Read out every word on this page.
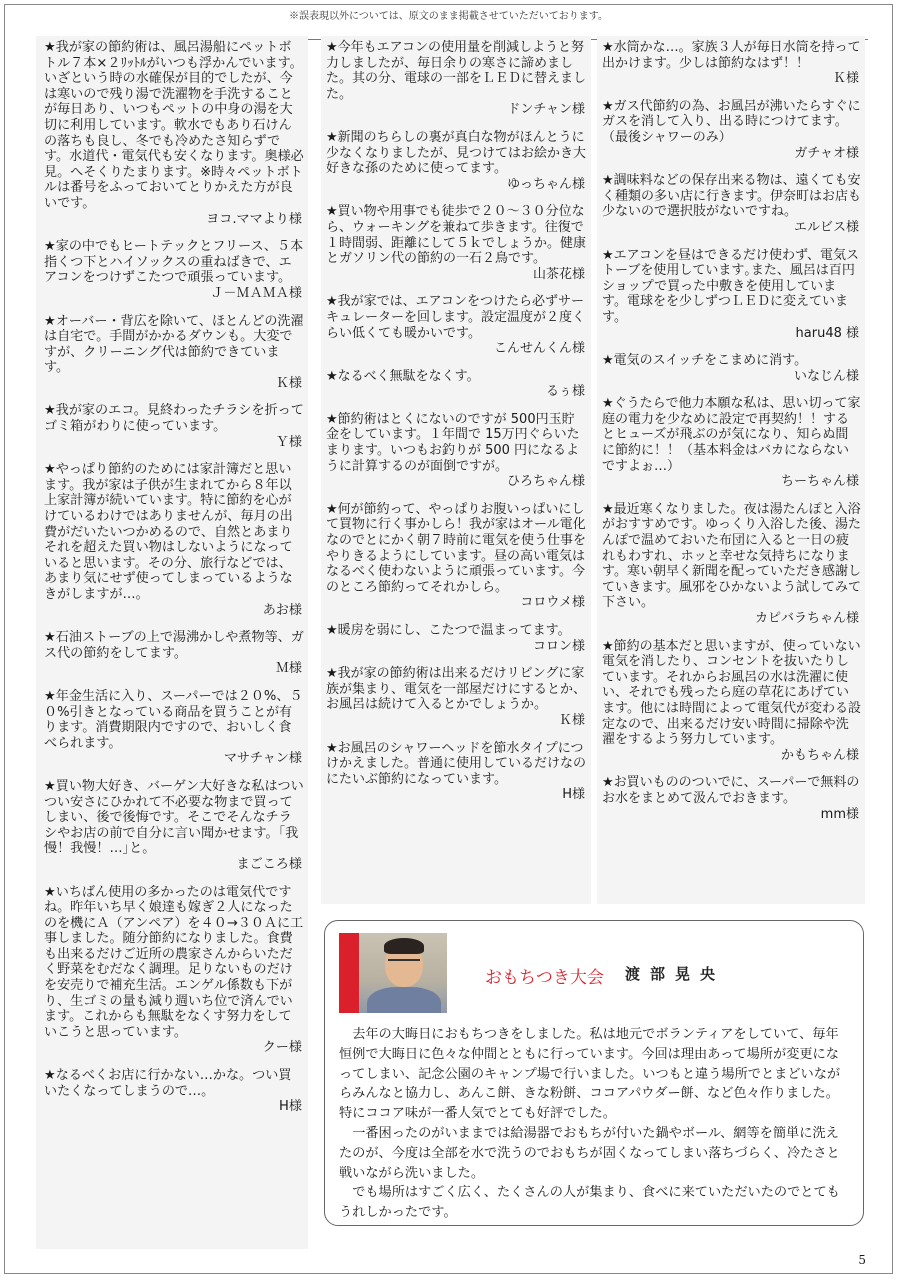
※誤表現以外については、原文のまま掲載させていただいております。
5

★我が家の節約術は、風呂湯船にペットボトル７本×２ﾘｯﾄﾙがいつも浮かんでいます。いざという時の水確保が目的でしたが、今は寒いので残り湯で洗濯物を手洗することが毎日あり、いつもペットの中身の湯を大切に利用しています。軟水でもあり石けんの落ちも良し、冬でも冷めたさ知らずです。水道代・電気代も安くなります。奥様必見。へそくりたまります。※時々ペットボトルは番号をふっておいてとりかえた方が良いです。

ヨコ.ママより様

★家の中でもヒートテックとフリース、５本指くつ下とハイソックスの重ねばきで、エアコンをつけずこたつで頑張っています。

Ｊ－ＭＡＭＡ様

★オーバー・背広を除いて、ほとんどの洗濯は自宅で。手間がかかるダウンも。大変ですが、クリーニング代は節約できています。

Ｋ様

★我が家のエコ。見終わったチラシを折ってゴミ箱がわりに使っています。

Ｙ様

★やっぱり節約のためには家計簿だと思います。我が家は子供が生まれてから８年以上家計簿が続いています。特に節約を心がけているわけではありませんが、毎月の出費がだいたいつかめるので、自然とあまりそれを超えた買い物はしないようになっていると思います。その分、旅行などでは、あまり気にせず使ってしまっているようなきがしますが…。

あお様

★石油ストーブの上で湯沸かしや煮物等、ガス代の節約をしてます。

Ｍ様

★年金生活に入り、スーパーでは２０%、５０%引きとなっている商品を買うことが有ります。消費期限内ですので、おいしく食べられます。

マサチャン様

★買い物大好き、バーゲン大好きな私はついつい安さにひかれて不必要な物まで買ってしまい、後で後悔です。そこでそんなチラシやお店の前で自分に言い聞かせます。｢我慢！我慢！…｣と。

まごころ様

★いちばん使用の多かったのは電気代ですね。昨年いち早く娘達も嫁ぎ２人になったのを機にＡ（アンペア）を４０→３０Ａに工事しました。随分節約になりました。食費も出来るだけご近所の農家さんからいただく野菜をむだなく調理。足りないものだけを安売りで補充生活。エンゲル係数も下がり、生ゴミの量も減り週いち位で済んでいます。これからも無駄をなくす努力をしていこうと思っています。

クー様

★なるべくお店に行かない…かな。つい買いたくなってしまうので…。

H様

★今年もエアコンの使用量を削減しようと努力しましたが、毎日余りの寒さに諦めました。其の分、電球の一部をＬＥＤに替えました。

ドンチャン様

★新聞のちらしの裏が真白な物がほんとうに少なくなりましたが、見つけてはお絵かき大好きな孫のために使ってます。

ゆっちゃん様

★買い物や用事でも徒歩で２０～３０分位なら、ウォーキングを兼ねて歩きます。往復で１時間弱、距離にして５ｋでしょうか。健康とガソリン代の節約の一石２鳥です。

山茶花様

★我が家では、エアコンをつけたら必ずサーキュレーターを回します。設定温度が２度くらい低くても暖かいです。

こんせんくん様

★なるべく無駄をなくす。

るぅ様

★節約術はとくにないのですが 500円玉貯金をしています。１年間で 15万円ぐらいたまります。いつもお釣りが 500 円になるように計算するのが面倒ですが。

ひろちゃん様

★何が節約って、やっぱりお腹いっぱいにして買物に行く事かしら！我が家はオール電化なのでとにかく朝７時前に電気を使う仕事をやりきるようにしています。昼の高い電気はなるべく使わないように頑張っています。今のところ節約ってそれかしら。

コロウメ様

★暖房を弱にし、こたつで温まってます。

コロン様

★我が家の節約術は出来るだけリビングに家族が集まり、電気を一部屋だけにするとか、お風呂は続けて入るとかでしょうか。

Ｋ様

★お風呂のシャワーヘッドを節水タイプにつけかえました。普通に使用しているだけなのにたいぶ節約になっています。

H様

★水筒かな…。家族３人が毎日水筒を持って出かけます。少しは節約なはず！！

Ｋ様

★ガス代節約の為、お風呂が沸いたらすぐにガスを消して入り、出る時につけてます。（最後シャワーのみ）

ガチャオ様

★調味料などの保存出来る物は、遠くても安く種類の多い店に行きます。伊奈町はお店も少ないので選択肢がないですね。

エルビス様

★エアコンを昼はできるだけ使わず、電気ストーブを使用しています｡また、風呂は百円ショップで買った中敷きを使用しています。電球をを少しずつＬＥＤに変えています。

haru48 様

★電気のスイッチをこまめに消す。

いなじん様

★ぐうたらで他力本願な私は、思い切って家庭の電力を少なめに設定で再契約！！するとヒューズが飛ぶのが気になり、知らぬ間に節約に！！（基本料金はバカにならないですよぉ…）

ちーちゃん様

★最近寒くなりました。夜は湯たんぽと入浴がおすすめです。ゆっくり入浴した後、湯たんぽで温めておいた布団に入ると一日の疲れもわすれ、ホッと幸せな気持ちになります。寒い朝早く新聞を配っていただき感謝していきます。風邪をひかないよう試してみて下さい。

カピバラちゃん様

★節約の基本だと思いますが、使っていない電気を消したり、コンセントを抜いたりしています。それからお風呂の水は洗濯に使い、それでも残ったら庭の草花にあげています。他には時間によって電気代が変わる設定なので、出来るだけ安い時間に掃除や洗濯をするよう努力しています。

かもちゃん様

★お買いもののついでに、スーパーで無料のお水をまとめて汲んでおきます。

mm様
おもちつき大会 渡部晃央

去年の大晦日におもちつきをしました。私は地元でボランティアをしていて、毎年恒例で大晦日に色々な仲間とともに行っています。今回は理由あって場所が変更になってしまい、記念公園のキャンプ場で行いました。いつもと違う場所でとまどいながらみんなと協力し、あんこ餅、きな粉餅、ココアパウダー餅、など色々作りました。特にココア味が一番人気でとても好評でした。

一番困ったのがいままでは給湯器でおもちが付いた鍋やボール、網等を簡単に洗えたのが、今度は全部を水で洗うのでおもちが固くなってしまい落ちづらく、冷たさと戦いながら洗いました。

でも場所はすごく広く、たくさんの人が集まり、食べに来ていただいたのでとてもうれしかったです。
